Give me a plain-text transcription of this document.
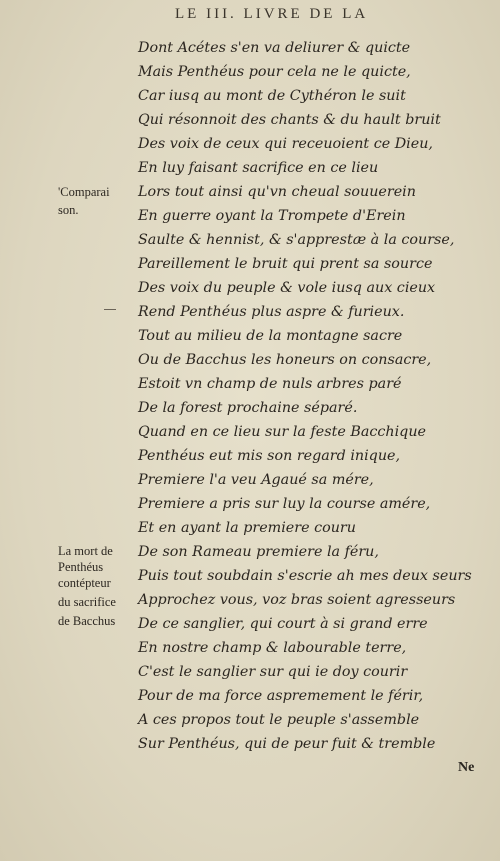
LE III. LIVRE DE LA
Dont Acétes s'en va deliurer & quicte
Mais Penthéus pour cela ne le quicte,
Car iusq au mont de Cythéron le suit
Qui résonnoit des chants & du hault bruit
Des voix de ceux qui receuoient ce Dieu,
En luy faisant sacrifice en ce lieu
Lors tout ainsi qu'vn cheual souuerein
En guerre oyant la Trompete d'Erein
Saulte & hennist, & s'apprestæ à la course,
Pareillement le bruit qui prent sa source
Des voix du peuple & vole iusq aux cieux
Rend Penthéus plus aspre & furieux.
Tout au milieu de la montagne sacre
Ou de Bacchus les honeurs on consacre,
Estoit vn champ de nuls arbres paré
De la forest prochaine séparé.
Quand en ce lieu sur la feste Bacchique
Penthéus eut mis son regard inique,
Premiere l'a veu Agaué sa mére,
Premiere a pris sur luy la course amére,
Et en ayant la premiere couru
De son Rameau premiere la féru,
Puis tout soubdain s'escrie ah mes deux seurs
Approchez vous, voz bras soient agresseurs
De ce sanglier, qui court à si grand erre
En nostre champ & labourable terre,
C'est le sanglier sur qui ie doy courir
Pour de ma force aspremement le férir,
A ces propos tout le peuple s'assemble
Sur Penthéus, qui de peur fuit & tremble
'Comparai
son.
La mort de
Penthéus
contépteur
du sacrifice
de Bacchus
Ne
